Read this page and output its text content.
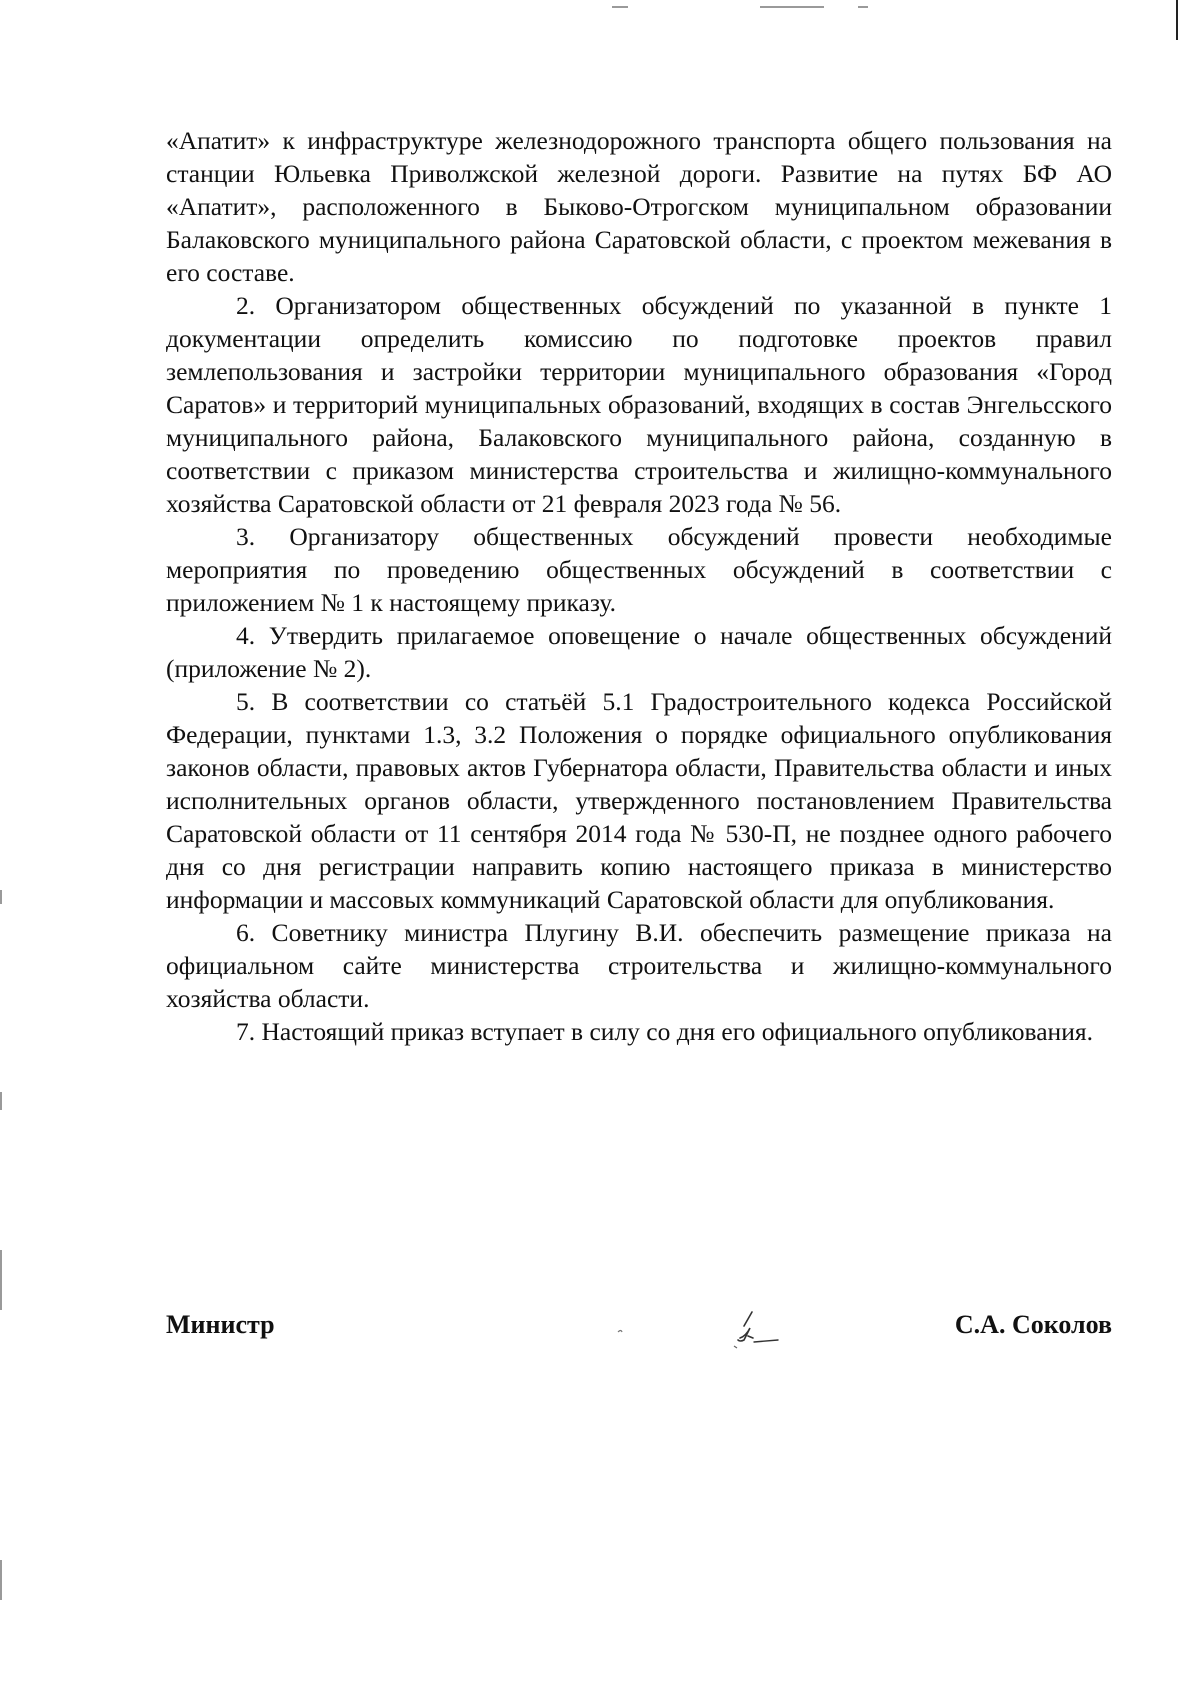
«Апатит» к инфраструктуре железнодорожного транспорта общего пользования на станции Юльевка Приволжской железной дороги. Развитие на путях БФ АО «Апатит», расположенного в Быково-Отрогском муниципальном образовании Балаковского муниципального района Саратовской области, с проектом межевания в его составе.

2. Организатором общественных обсуждений по указанной в пункте 1 документации определить комиссию по подготовке проектов правил землепользования и застройки территории муниципального образования «Город Саратов» и территорий муниципальных образований, входящих в состав Энгельсского муниципального района, Балаковского муниципального района, созданную в соответствии с приказом министерства строительства и жилищно-коммунального хозяйства Саратовской области от 21 февраля 2023 года № 56.

3. Организатору общественных обсуждений провести необходимые мероприятия по проведению общественных обсуждений в соответствии с приложением № 1 к настоящему приказу.

4. Утвердить прилагаемое оповещение о начале общественных обсуждений (приложение № 2).

5. В соответствии со статьёй 5.1 Градостроительного кодекса Российской Федерации, пунктами 1.3, 3.2 Положения о порядке официального опубликования законов области, правовых актов Губернатора области, Правительства области и иных исполнительных органов области, утвержденного постановлением Правительства Саратовской области от 11 сентября 2014 года № 530-П, не позднее одного рабочего дня со дня регистрации направить копию настоящего приказа в министерство информации и массовых коммуникаций Саратовской области для опубликования.

6. Советнику министра Плугину В.И. обеспечить размещение приказа на официальном сайте министерства строительства и жилищно-коммунального хозяйства области.

7. Настоящий приказ вступает в силу со дня его официального опубликования.

Министр	С.А. Соколов
